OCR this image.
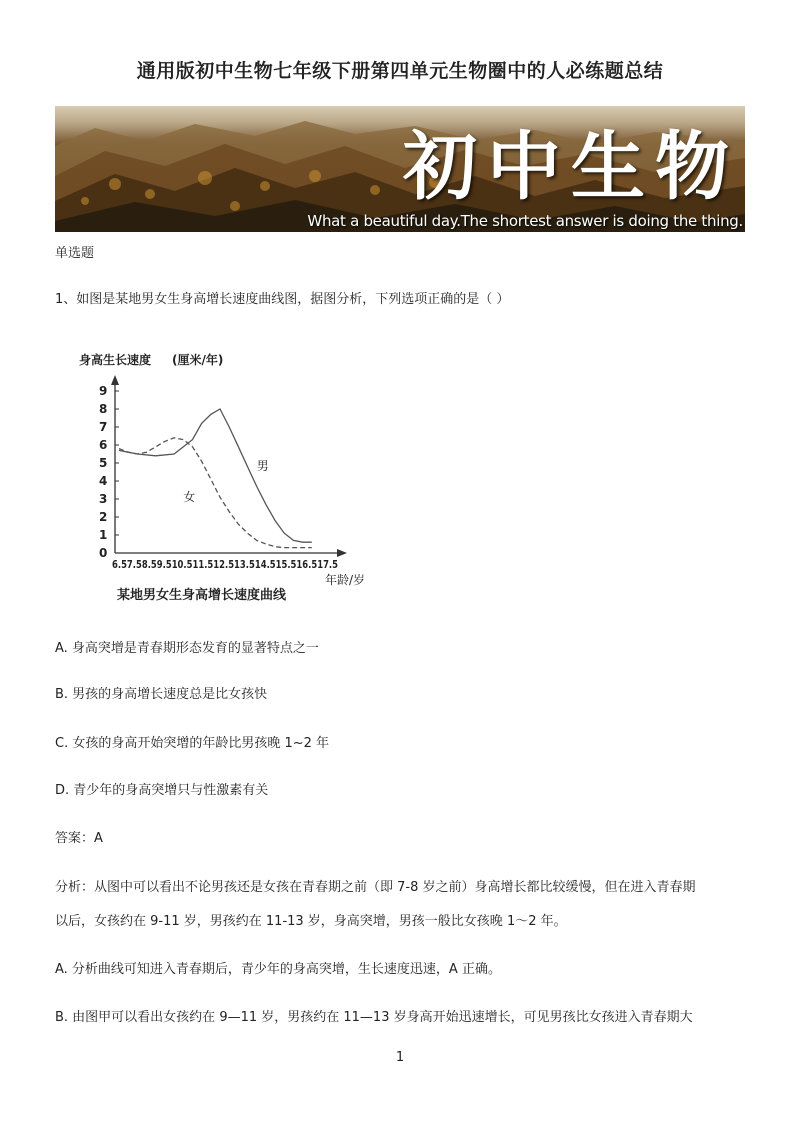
通用版初中生物七年级下册第四单元生物圈中的人必练题总结
初中生物
What a beautiful day.The shortest answer is doing the thing.
单选题
1、如图是某地男女生身高增长速度曲线图，据图分析，下列选项正确的是（ ）
身高生长速度 (厘米/年)
0
1
2
3
4
5
6
7
8
9
6.57.58.59.510.511.512.513.514.515.516.517.5
年龄/岁
男
女
某地男女生身高增长速度曲线
A. 身高突增是青春期形态发育的显著特点之一
B. 男孩的身高增长速度总是比女孩快
C. 女孩的身高开始突增的年龄比男孩晚 1~2 年
D. 青少年的身高突增只与性激素有关
答案：A
分析：从图中可以看出不论男孩还是女孩在青春期之前（即 7-8 岁之前）身高增长都比较缓慢，但在进入青春期
以后，女孩约在 9-11 岁，男孩约在 11-13 岁，身高突增，男孩一般比女孩晚 1～2 年。
A. 分析曲线可知进入青春期后，青少年的身高突增，生长速度迅速，A 正确。
B. 由图甲可以看出女孩约在 9—11 岁，男孩约在 11—13 岁身高开始迅速增长，可见男孩比女孩进入青春期大
1
